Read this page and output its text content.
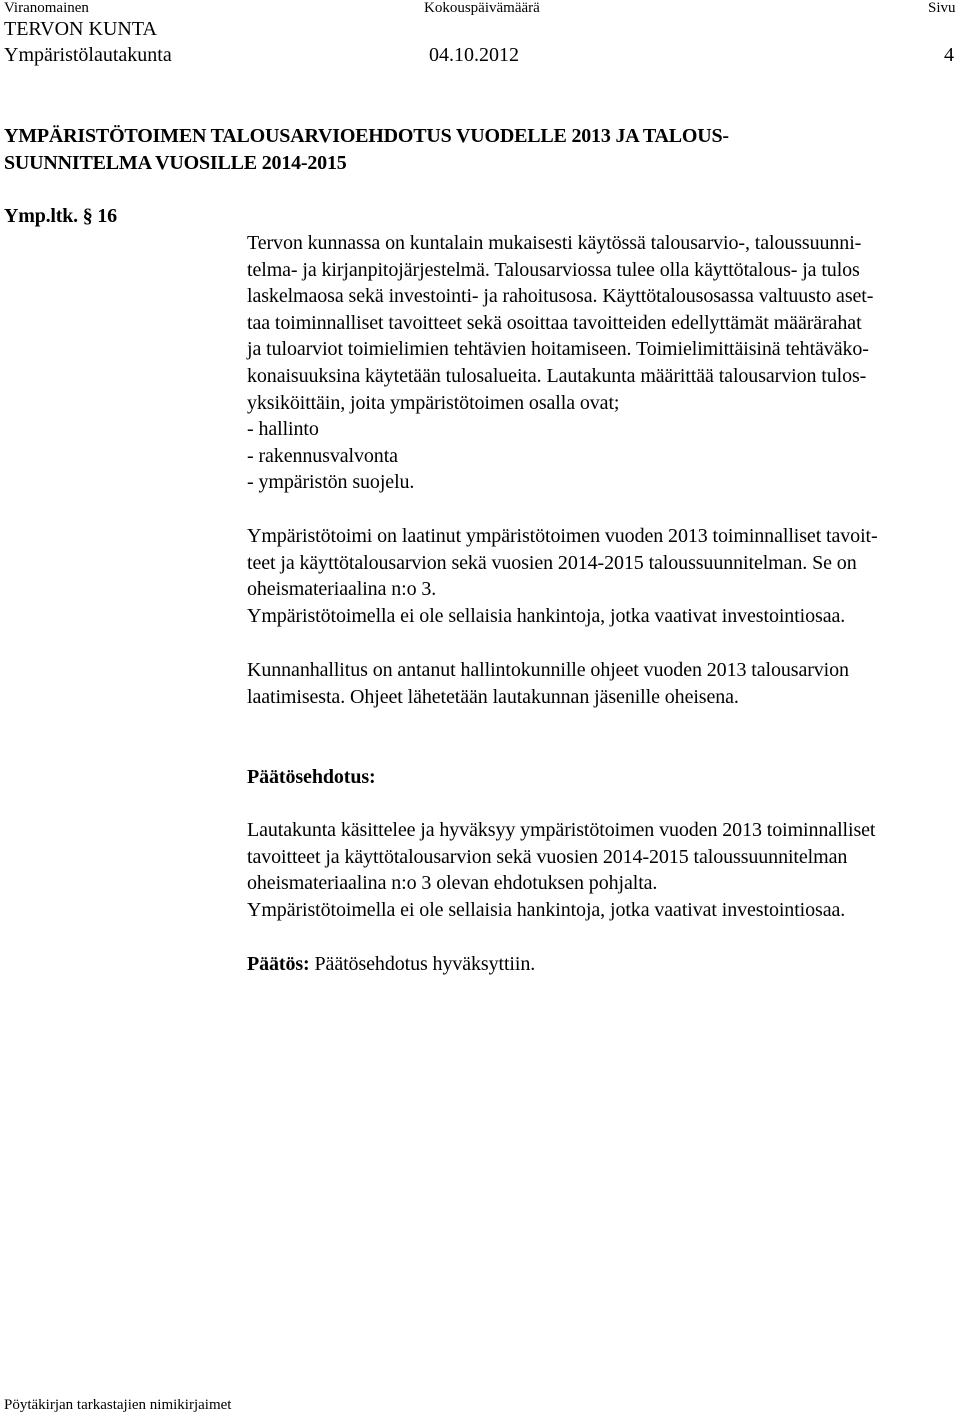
Viranomainen	Kokouspäivämäärä	Sivu
TERVON KUNTA
Ympäristölautakunta	04.10.2012	4
YMPÄRISTÖTOIMEN TALOUSARVIOEHDOTUS VUODELLE 2013 JA TALOUS-
SUUNNITELMA VUOSILLE 2014-2015
Ymp.ltk. § 16
Tervon kunnassa on kuntalain mukaisesti käytössä talousarvio-, taloussuunni-
telma- ja kirjanpitojärjestelmä. Talousarviossa tulee olla käyttötalous- ja tulos
laskelmaosa sekä investointi- ja rahoitusosa. Käyttötalousosassa valtuusto aset-
taa toiminnalliset tavoitteet sekä osoittaa tavoitteiden edellyttämät määrärahat
ja tuloarviot toimielimien tehtävien hoitamiseen. Toimielimittäisinä tehtäväko-
konaisuuksina käytetään tulosalueita. Lautakunta määrittää talousarvion tulos-
yksiköittäin, joita ympäristötoimen osalla ovat;
- hallinto
- rakennusvalvonta
- ympäristön suojelu.
Ympäristötoimi on laatinut ympäristötoimen vuoden 2013 toiminnalliset tavoit-
teet ja käyttötalousarvion sekä vuosien 2014-2015 taloussuunnitelman. Se on
oheismateriaalina n:o 3.
Ympäristötoimella ei ole sellaisia hankintoja, jotka vaativat investointiosaa.
Kunnanhallitus on antanut hallintokunnille ohjeet vuoden 2013 talousarvion
laatimisesta. Ohjeet lähetetään lautakunnan jäsenille oheisena.
Päätösehdotus:
Lautakunta käsittelee ja hyväksyy ympäristötoimen vuoden 2013 toiminnalliset
tavoitteet ja käyttötalousarvion sekä vuosien 2014-2015 taloussuunnitelman
oheismateriaalina n:o 3 olevan ehdotuksen pohjalta.
Ympäristötoimella ei ole sellaisia hankintoja, jotka vaativat investointiosaa.
Päätös: Päätösehdotus hyväksyttiin.
Pöytäkirjan tarkastajien nimikirjaimet
